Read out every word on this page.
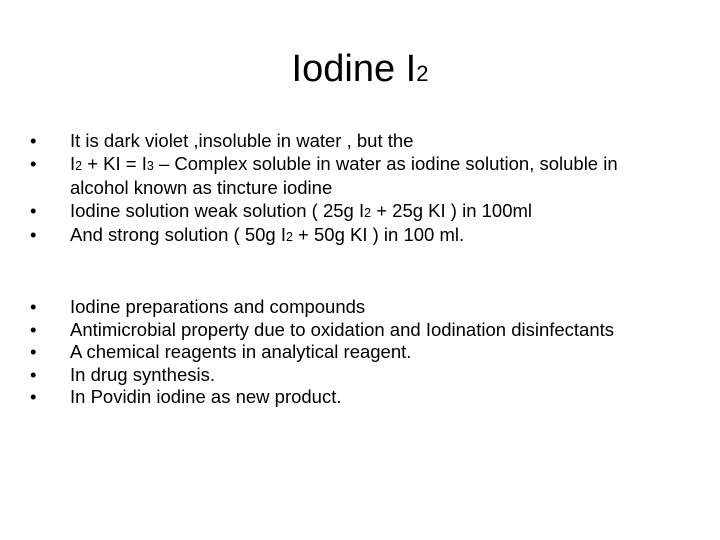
Iodine I2
• It is dark violet ,insoluble in water , but the
• I2 + KI = I3 – Complex soluble in water as iodine solution, soluble in alcohol known as tincture iodine
• Iodine solution weak solution ( 25g I2 + 25g KI ) in 100ml
• And strong solution ( 50g I2 + 50g KI ) in 100 ml.
• Iodine preparations and compounds
• Antimicrobial property due to oxidation and Iodination disinfectants
• A chemical reagents in analytical reagent.
• In drug synthesis.
• In Povidin iodine as new product.
